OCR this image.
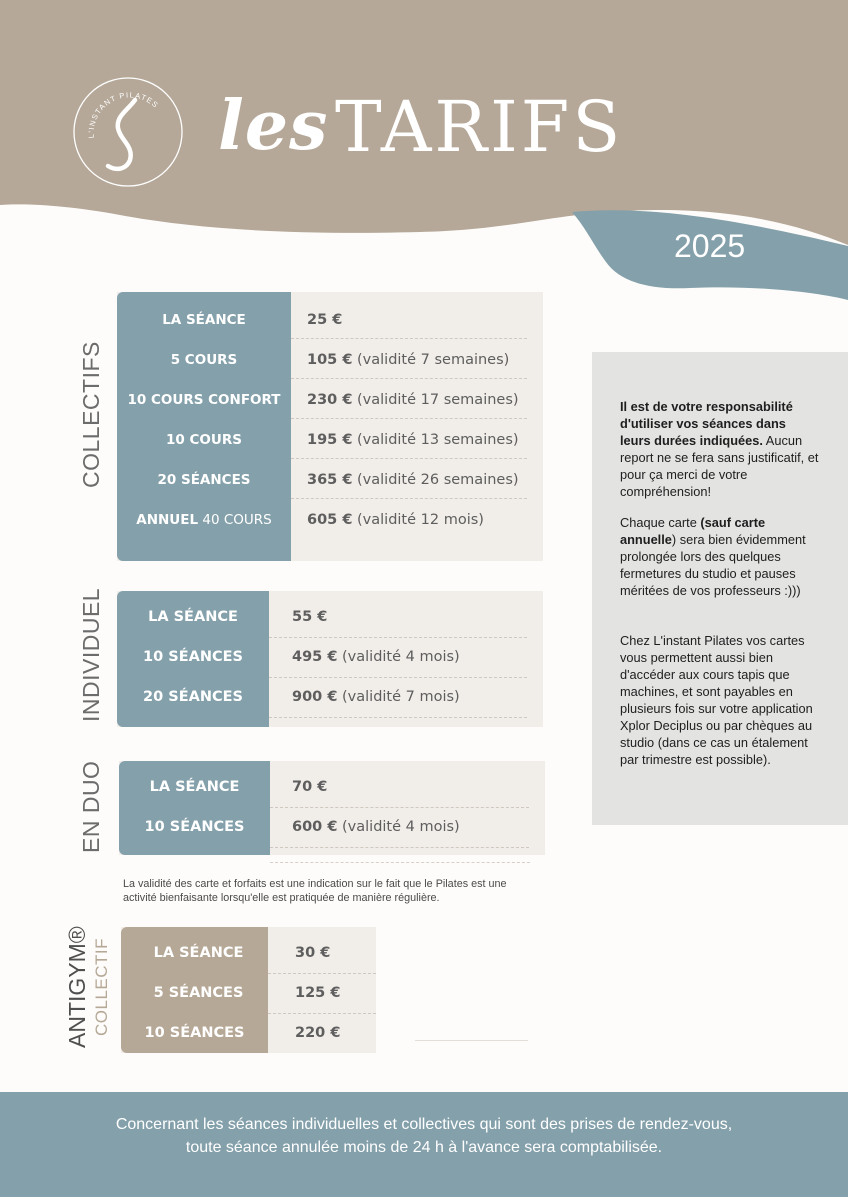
L'INSTANT PILATES les TARIFS
2025
COLLECTIFS
LA SÉANCE	25 €
5 COURS	105 € (validité 7 semaines)
10 COURS CONFORT	230 € (validité 17 semaines)
10 COURS	195 € (validité 13 semaines)
20 SÉANCES	365 € (validité 26 semaines)
ANNUEL 40 COURS	605 € (validité 12 mois)
INDIVIDUEL	LA SÉANCE	55 €
10 SÉANCES	495 € (validité 4 mois)
20 SÉANCES	900 € (validité 7 mois)
EN DUO	LA SÉANCE	70 €
10 SÉANCES	600 € (validité 4 mois)
La validité des carte et forfaits est une indication sur le fait que le Pilates est une activité bienfaisante lorsqu'elle est pratiquée de manière régulière.
ANTIGYM® COLLECTIF	LA SÉANCE	30 €
5 SÉANCES	125 €
10 SÉANCES	220 €

Il est de votre responsabilité d'utiliser vos séances dans leurs durées indiquées. Aucun report ne se fera sans justificatif, et pour ça merci de votre compréhension!

Chaque carte (sauf carte annuelle) sera bien évidemment prolongée lors des quelques fermetures du studio et pauses méritées de vos professeurs :)))

Chez L'instant Pilates vos cartes vous permettent aussi bien d'accéder aux cours tapis que machines, et sont payables en plusieurs fois sur votre application Xplor Deciplus ou par chèques au studio (dans ce cas un étalement par trimestre est possible).

Concernant les séances individuelles et collectives qui sont des prises de rendez-vous,
toute séance annulée moins de 24 h à l'avance sera comptabilisée.
